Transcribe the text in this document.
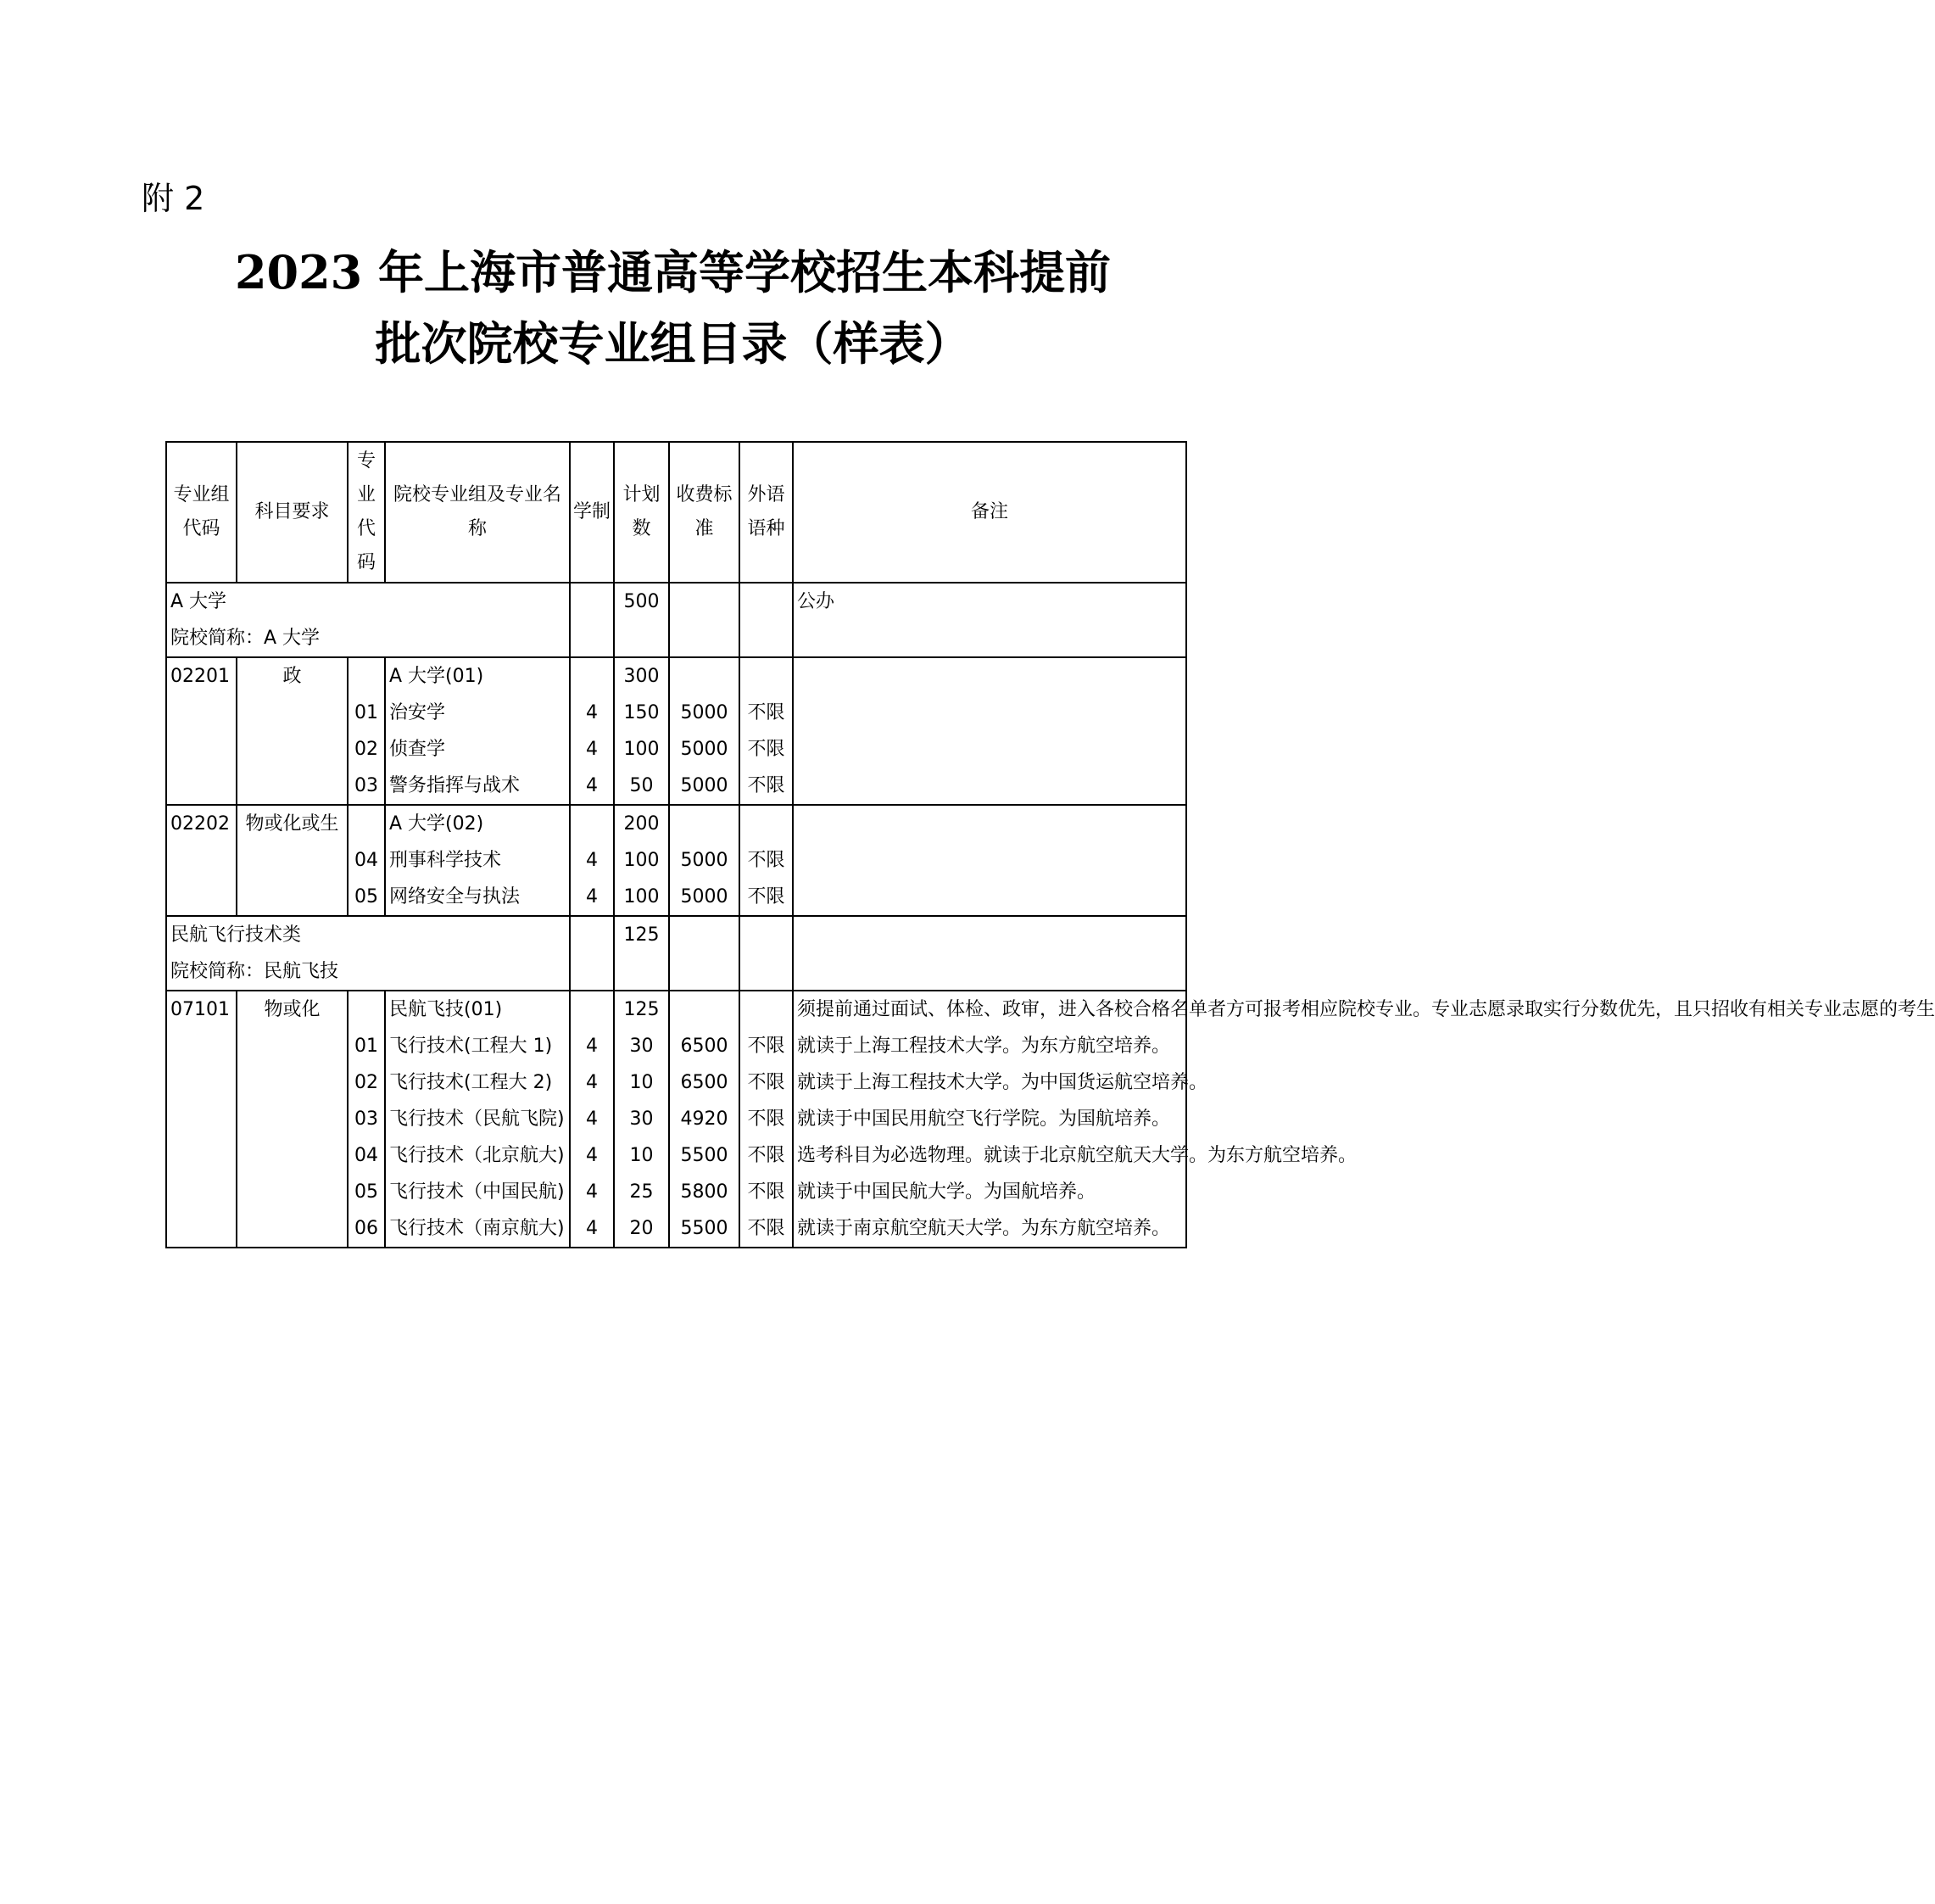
附 2
2023 年上海市普通高等学校招生本科提前
批次院校专业组目录（样表）
专业组代码	科目要求	专业代码	院校专业组及专业名称	学制	计划数	收费标准	外语语种	备注
A 大学					500			公办
院校简称：A 大学								
02201	政		A 大学(01)		300			
		01	治安学	4	150	5000	不限	
		02	侦查学	4	100	5000	不限	
		03	警务指挥与战术	4	50	5000	不限	
02202	物或化或生		A 大学(02)		200			
		04	刑事科学技术	4	100	5000	不限	
		05	网络安全与执法	4	100	5000	不限	
民航飞行技术类					125			
院校简称：民航飞技								
07101	物或化		民航飞技(01)		125			须提前通过面试、体检、政审，进入各校合格名单者方可报考相应院校专业。专业志愿录取实行分数优先，且只招收有相关专业志愿的考生
		01	飞行技术(工程大 1)	4	30	6500	不限	就读于上海工程技术大学。为东方航空培养。
		02	飞行技术(工程大 2)	4	10	6500	不限	就读于上海工程技术大学。为中国货运航空培养。
		03	飞行技术（民航飞院)	4	30	4920	不限	就读于中国民用航空飞行学院。为国航培养。
		04	飞行技术（北京航大)	4	10	5500	不限	选考科目为必选物理。就读于北京航空航天大学。为东方航空培养。
		05	飞行技术（中国民航)	4	25	5800	不限	就读于中国民航大学。为国航培养。
		06	飞行技术（南京航大)	4	20	5500	不限	就读于南京航空航天大学。为东方航空培养。
